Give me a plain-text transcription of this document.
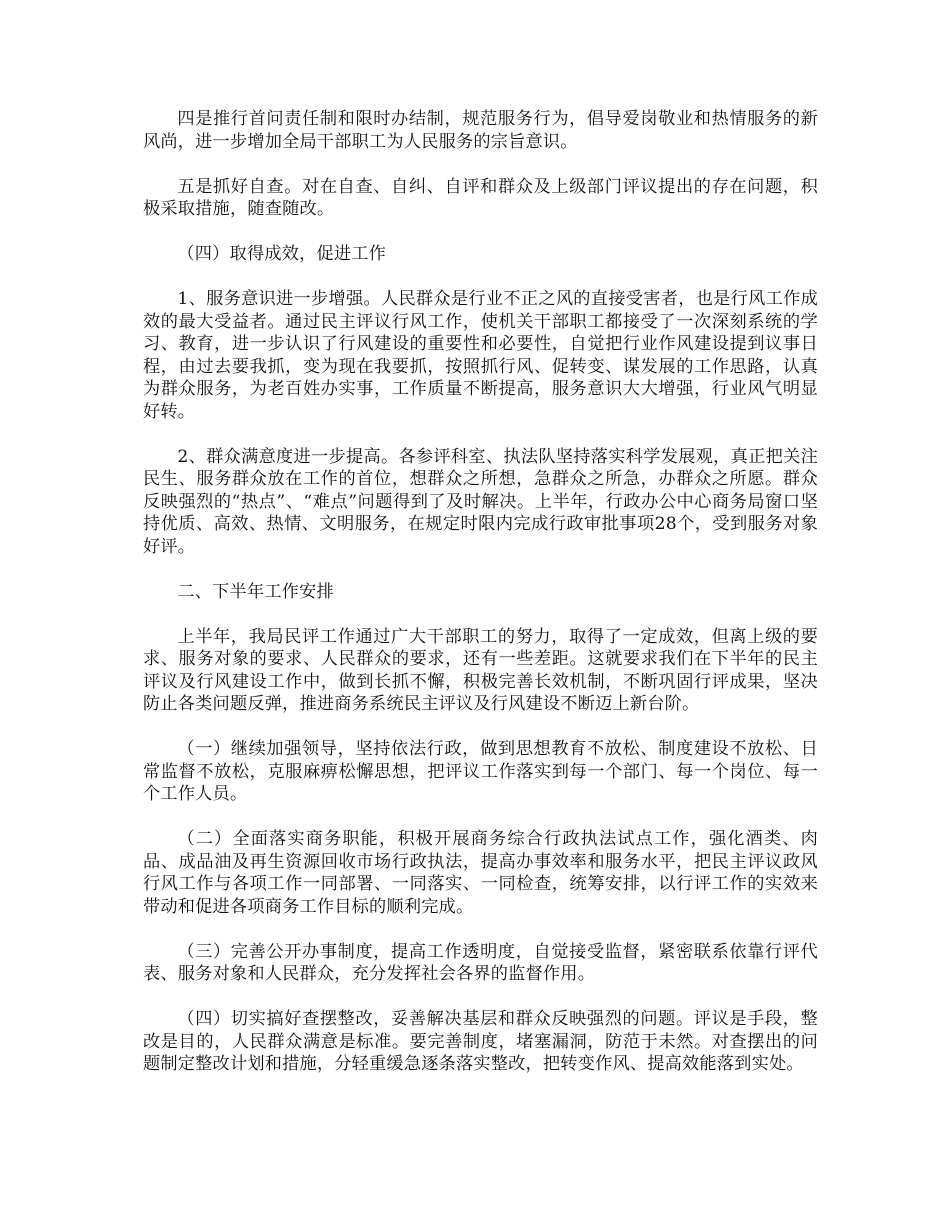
四是推行首问责任制和限时办结制，规范服务行为，倡导爱岗敬业和热情服务的新风尚，进一步增加全局干部职工为人民服务的宗旨意识。

五是抓好自查。对在自查、自纠、自评和群众及上级部门评议提出的存在问题，积极采取措施，随查随改。

（四）取得成效，促进工作

1、服务意识进一步增强。人民群众是行业不正之风的直接受害者，也是行风工作成效的最大受益者。通过民主评议行风工作，使机关干部职工都接受了一次深刻系统的学习、教育，进一步认识了行风建设的重要性和必要性，自觉把行业作风建设提到议事日程，由过去要我抓，变为现在我要抓，按照抓行风、促转变、谋发展的工作思路，认真为群众服务，为老百姓办实事，工作质量不断提高，服务意识大大增强，行业风气明显好转。

2、群众满意度进一步提高。各参评科室、执法队坚持落实科学发展观，真正把关注民生、服务群众放在工作的首位，想群众之所想，急群众之所急，办群众之所愿。群众反映强烈的“热点”、“难点”问题得到了及时解决。上半年，行政办公中心商务局窗口坚持优质、高效、热情、文明服务，在规定时限内完成行政审批事项28个，受到服务对象好评。

二、下半年工作安排

上半年，我局民评工作通过广大干部职工的努力，取得了一定成效，但离上级的要求、服务对象的要求、人民群众的要求，还有一些差距。这就要求我们在下半年的民主评议及行风建设工作中，做到长抓不懈，积极完善长效机制，不断巩固行评成果，坚决防止各类问题反弹，推进商务系统民主评议及行风建设不断迈上新台阶。

（一）继续加强领导，坚持依法行政，做到思想教育不放松、制度建设不放松、日常监督不放松，克服麻痹松懈思想，把评议工作落实到每一个部门、每一个岗位、每一个工作人员。

（二）全面落实商务职能，积极开展商务综合行政执法试点工作，强化酒类、肉品、成品油及再生资源回收市场行政执法，提高办事效率和服务水平，把民主评议政风行风工作与各项工作一同部署、一同落实、一同检查，统筹安排，以行评工作的实效来带动和促进各项商务工作目标的顺利完成。

（三）完善公开办事制度，提高工作透明度，自觉接受监督，紧密联系依靠行评代表、服务对象和人民群众，充分发挥社会各界的监督作用。

（四）切实搞好查摆整改，妥善解决基层和群众反映强烈的问题。评议是手段，整改是目的，人民群众满意是标准。要完善制度，堵塞漏洞，防范于未然。对查摆出的问题制定整改计划和措施，分轻重缓急逐条落实整改，把转变作风、提高效能落到实处。
